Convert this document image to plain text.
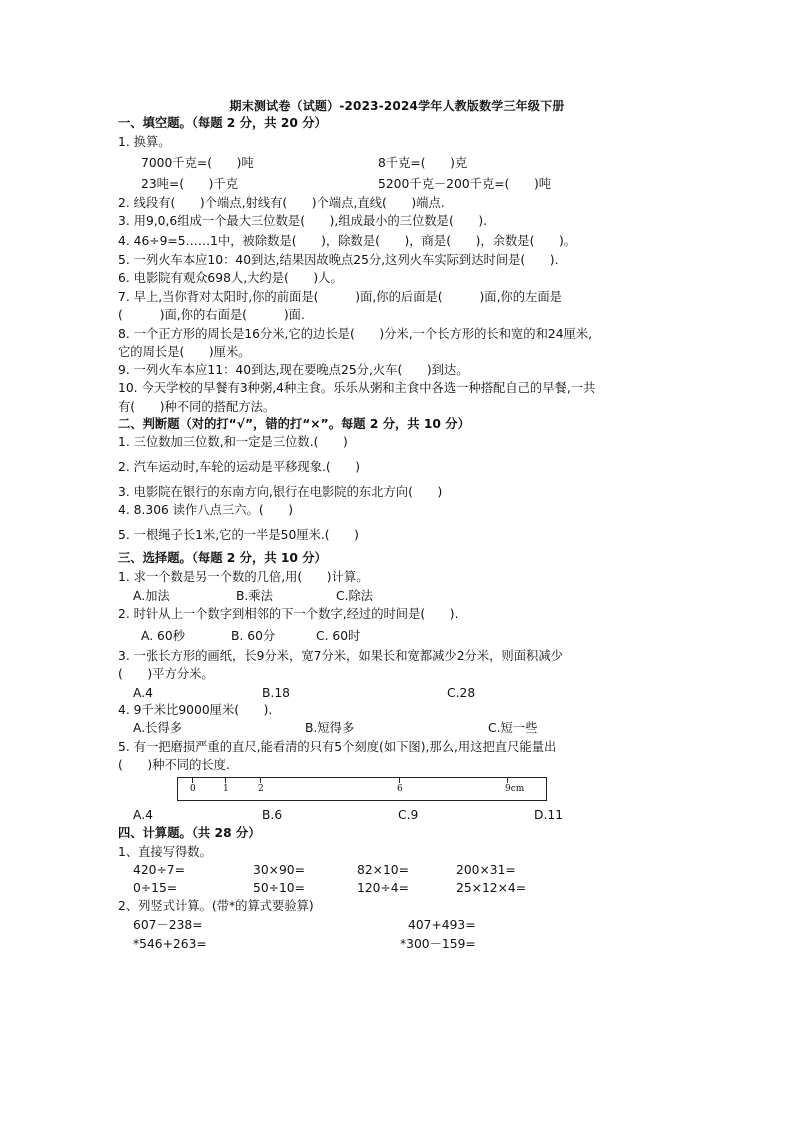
期末测试卷（试题）-2023-2024学年人教版数学三年级下册
一、填空题。（每题 2 分，共 20 分）
1. 换算。
7000千克=(　　)吨	8千克=(　　)克
23吨=(　　)千克	5200千克－200千克=(　　)吨
2. 线段有(　　)个端点,射线有(　　)个端点,直线(　　)端点.
3. 用9,0,6组成一个最大三位数是(　　),组成最小的三位数是(　　).
4. 46÷9=5……1中，被除数是(　　)，除数是(　　)，商是(　　)，余数是(　　)。
5. 一列火车本应10：40到达,结果因故晚点25分,这列火车实际到达时间是(　　).
6. 电影院有观众698人,大约是(　　)人。
7. 早上,当你背对太阳时,你的前面是(　　　)面,你的后面是(　　　)面,你的左面是
(　　　)面,你的右面是(　　　)面.
8. 一个正方形的周长是16分米,它的边长是(　　)分米,一个长方形的长和宽的和24厘米,
它的周长是(　　)厘米。
9. 一列火车本应11：40到达,现在要晚点25分,火车(　　)到达。
10. 今天学校的早餐有3种粥,4种主食。乐乐从粥和主食中各选一种搭配自己的早餐,一共
有(　　)种不同的搭配方法。
二、判断题（对的打“√”，错的打“×”。每题 2 分，共 10 分）
1. 三位数加三位数,和一定是三位数.(　　)
2. 汽车运动时,车轮的运动是平移现象.(　　)
3. 电影院在银行的东南方向,银行在电影院的东北方向(　　)
4. 8.306 读作八点三六。(　　)
5. 一根绳子长1米,它的一半是50厘米.(　　)
三、选择题。（每题 2 分，共 10 分）
1. 求一个数是另一个数的几倍,用(　　)计算。
A.加法	B.乘法	C.除法
2. 时针从上一个数字到相邻的下一个数字,经过的时间是(　　).
A. 60秒	B. 60分	C. 60时
3. 一张长方形的画纸，长9分米，宽7分米，如果长和宽都减少2分米，则面积减少
(　　)平方分米。
A.4	B.18	C.28
4. 9千米比9000厘米(　　).
A.长得多	B.短得多	C.短一些
5. 有一把磨损严重的直尺,能看清的只有5个刻度(如下图),那么,用这把直尺能量出
(　　)种不同的长度.
0	1	2	6	9cm
A.4	B.6	C.9	D.11
四、计算题。（共 28 分）
1、直接写得数。
420÷7=	30×90=	82×10=	200×31=
0÷15=	50÷10=	120÷4=	25×12×4=
2、列竖式计算。(带*的算式要验算)
607－238=	407+493=
*546+263=	*300－159=
